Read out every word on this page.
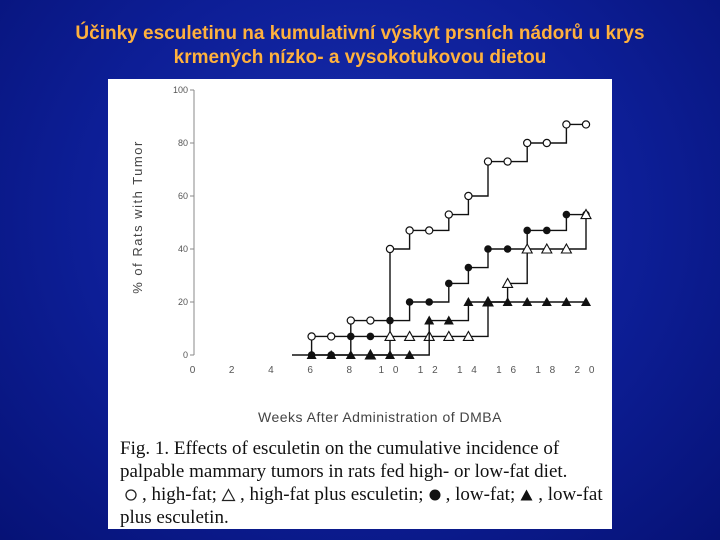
Účinky esculetinu na kumulativní výskyt prsních nádorů u krys
krmených nízko- a vysokotukovou dietou
0
20
40
60
80
100
0	2	4	6	8 1 0 1 2 1 4 1 6 1 8 2 0
% of Rats with Tumor
Weeks After Administration of DMBA
Fig. 1. Effects of esculetin on the cumulative incidence of
palpable mammary tumors in rats fed high- or low-fat diet.
, high-fat; , high-fat plus esculetin; , low-fat; , low-fat
plus esculetin.
